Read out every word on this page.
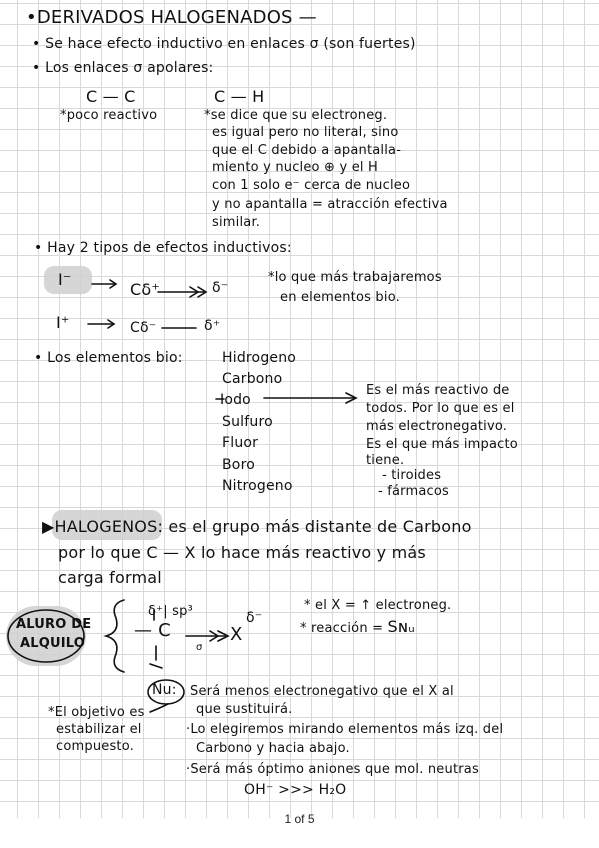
•DERIVADOS HALOGENADOS —
• Se hace efecto inductivo en enlaces σ (son fuertes)
• Los enlaces σ apolares:
C — C	C — H
*poco reactivo	*se dice que su electroneg.
es igual pero no literal, sino
que el C debido a apantalla-
miento y nucleo ⊕ y el H
con 1 solo e⁻ cerca de nucleo
y no apantalla = atracción efectiva
similar.
• Hay 2 tipos de efectos inductivos:
I⁻
Cδ⁺	δ⁻
*lo que más trabajaremos
en elementos bio.
I⁺	Cδ⁻	δ⁺
• Los elementos bio:	Hidrogeno
Carbono
Iodo
Sulfuro
Fluor
Boro
Nitrogeno
Es el más reactivo de
todos. Por lo que es el
más electronegativo.
Es el que más impacto
tiene.
- tiroides
- fármacos
▶HALOGENOS: es el grupo más distante de Carbono
por lo que C — X lo hace más reactivo y más
carga formal
ALURO DE
ALQUILO
δ⁺| sp³
— C	X
δ⁻
* el X = ↑ electroneg.
* reacción = Sɴᵤ
Nu: Será menos electronegativo que el X al
que sustituirá.
*El objetivo es
estabilizar el
compuesto.
·Lo elegiremos mirando elementos más izq. del
Carbono y hacia abajo.
·Será más óptimo aniones que mol. neutras
OH⁻ >>> H₂O
σ
1 of 5
